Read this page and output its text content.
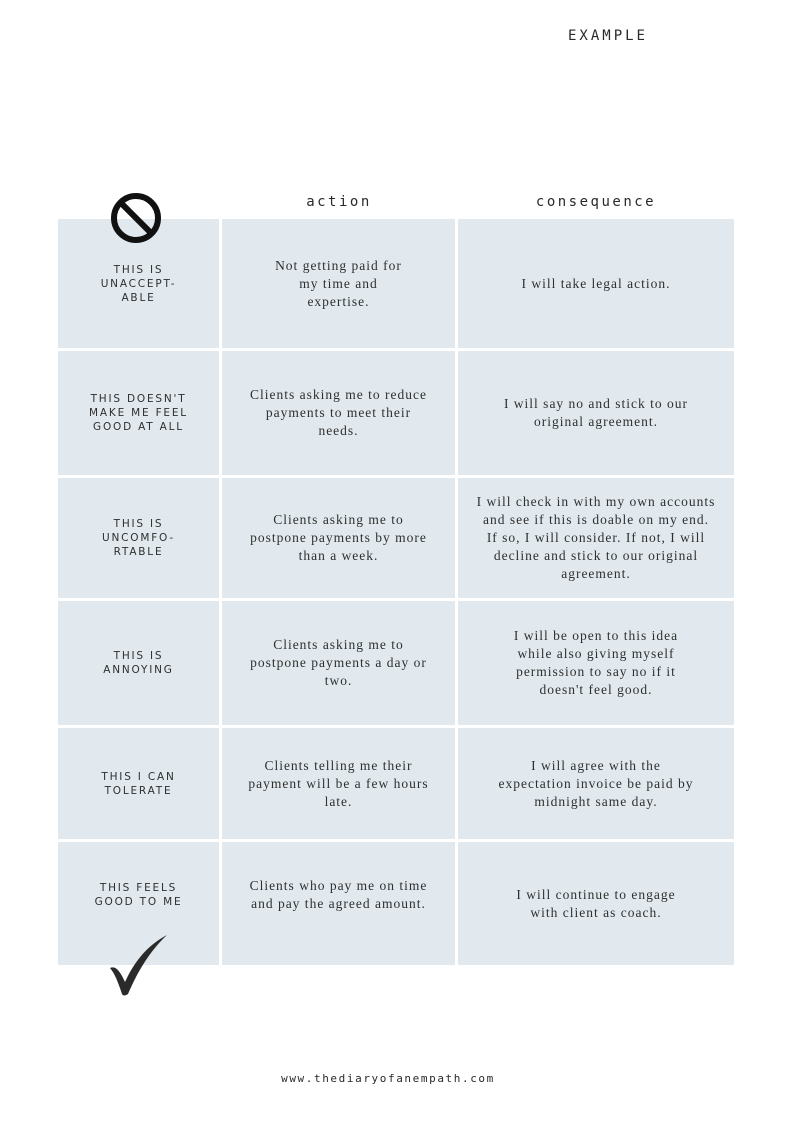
EXAMPLE
action	consequence
THIS IS UNACCEPT- ABLE
Not getting paid for my time and expertise.
I will take legal action.
THIS DOESN'T MAKE ME FEEL GOOD AT ALL
Clients asking me to reduce payments to meet their needs.
I will say no and stick to our original agreement.
THIS IS UNCOMFO- RTABLE
Clients asking me to postpone payments by more than a week.
I will check in with my own accounts and see if this is doable on my end. If so, I will consider. If not, I will decline and stick to our original agreement.
THIS IS ANNOYING
Clients asking me to postpone payments a day or two.
I will be open to this idea while also giving myself permission to say no if it doesn't feel good.
THIS I CAN TOLERATE
Clients telling me their payment will be a few hours late.
I will agree with the expectation invoice be paid by midnight same day.
THIS FEELS GOOD TO ME
Clients who pay me on time and pay the agreed amount.
I will continue to engage with client as coach.
www.thediaryofanempath.com
